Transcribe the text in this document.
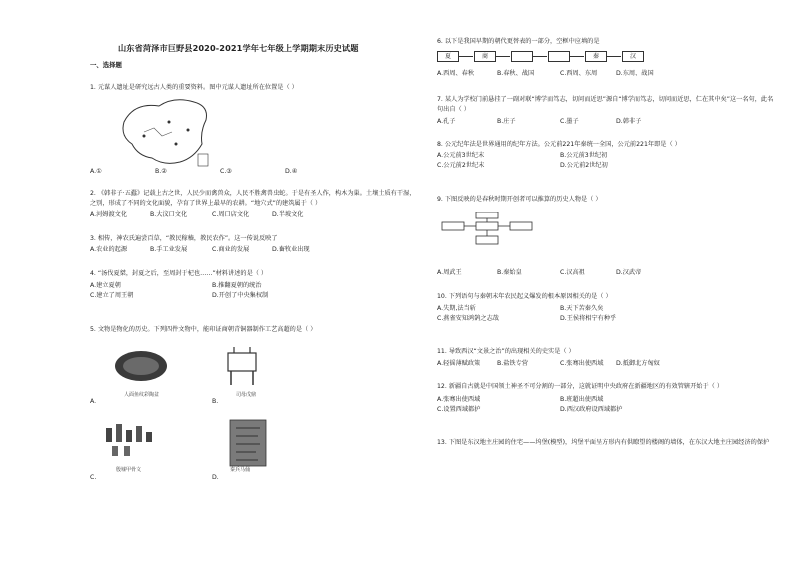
山东省菏泽市巨野县2020-2021学年七年级上学期期末历史试题
一、选择题
1. 元谋人遗址是研究远古人类的重要资料。图中元谋人遗址所在位置是（ ）
A.①	B.②	C.③	D.④
2. 《韩非子·五蠹》记载上古之世，人民少而禽兽众，人民不胜禽兽虫蛇。于是有圣人作，构木为巢。土壤土质有干湿，
之别，形成了不同的文化面貌，孕育了世界上最早的农耕。“地穴式”的建筑属于（ ）
A.河姆渡文化	B.大汶口文化	C.周口店文化	D.半坡文化
3. 相传，神农氏遍尝百草，“教民稼穑，教民农作”。这一传说反映了
A.农业的起源	B.手工业发展	C.商业的发展	D.畜牧业出现
4. “汤伐夏桀，封夏之后，至周封于杞也……”材料讲述的是（ ）
A.建立夏朝	B.推翻夏朝的统治
C.建立了周王朝	D.开创了中央集权制
5. 文物是物化的历史。下列四件文物中，能印证商朝青铜器制作工艺高超的是（ ）
人面鱼纹彩陶盆
A.
司母戊鼎
B.
殷墟甲骨文
C.
秦兵马俑
D.
6. 以下是我国早期的朝代更替表的一部分，空框中应填的是
夏	商	秦	汉
A.西周、春秋	B.春秋、战国	C.西周、东周	D.东周、战国
7. 某人为学校门前悬挂了一副对联“博学而笃志，切问而近思”源自“博学而笃志，切问而近思，仁在其中矣”这一名句，此名
句出自（ ）
A.孔子	B.庄子	C.墨子	D.韩非子
8. 公元纪年法是世界通用的纪年方法。公元前221年秦统一全国，公元前221年即是（ ）
A.公元前3世纪末	B.公元前3世纪初
C.公元前2世纪末	D.公元前2世纪初
9. 下图反映的是春秋时期开创者可以推算的历史人物是（ ）
A.周武王	B.秦始皇	C.汉高祖	D.汉武帝
10. 下列语句与秦朝末年农民起义爆发的根本原因相关的是（ ）
A.失期,法当斩	B.天下苦秦久矣
C.燕雀安知鸿鹄之志哉	D.王侯将相宁有种乎
11. 导致西汉“文景之治”的出现相关的史实是（ ）
A.轻徭薄赋政策	B.盐铁专营	C.张骞出使西域 D.抵御北方匈奴
12. 新疆自古就是中国领土神圣不可分割的一部分，这就证明中央政府在新疆地区的有效管辖开始于（ ）
A.张骞出使西域	B.班超出使西域
C.设置西域都护	D.西汉政府设西域都护
13. 下图是东汉地主庄园的住宅——坞堡(模型)，坞堡平面呈方形内有供瞭望的楼阁的墙体，在东汉大地主庄园经济的保护
